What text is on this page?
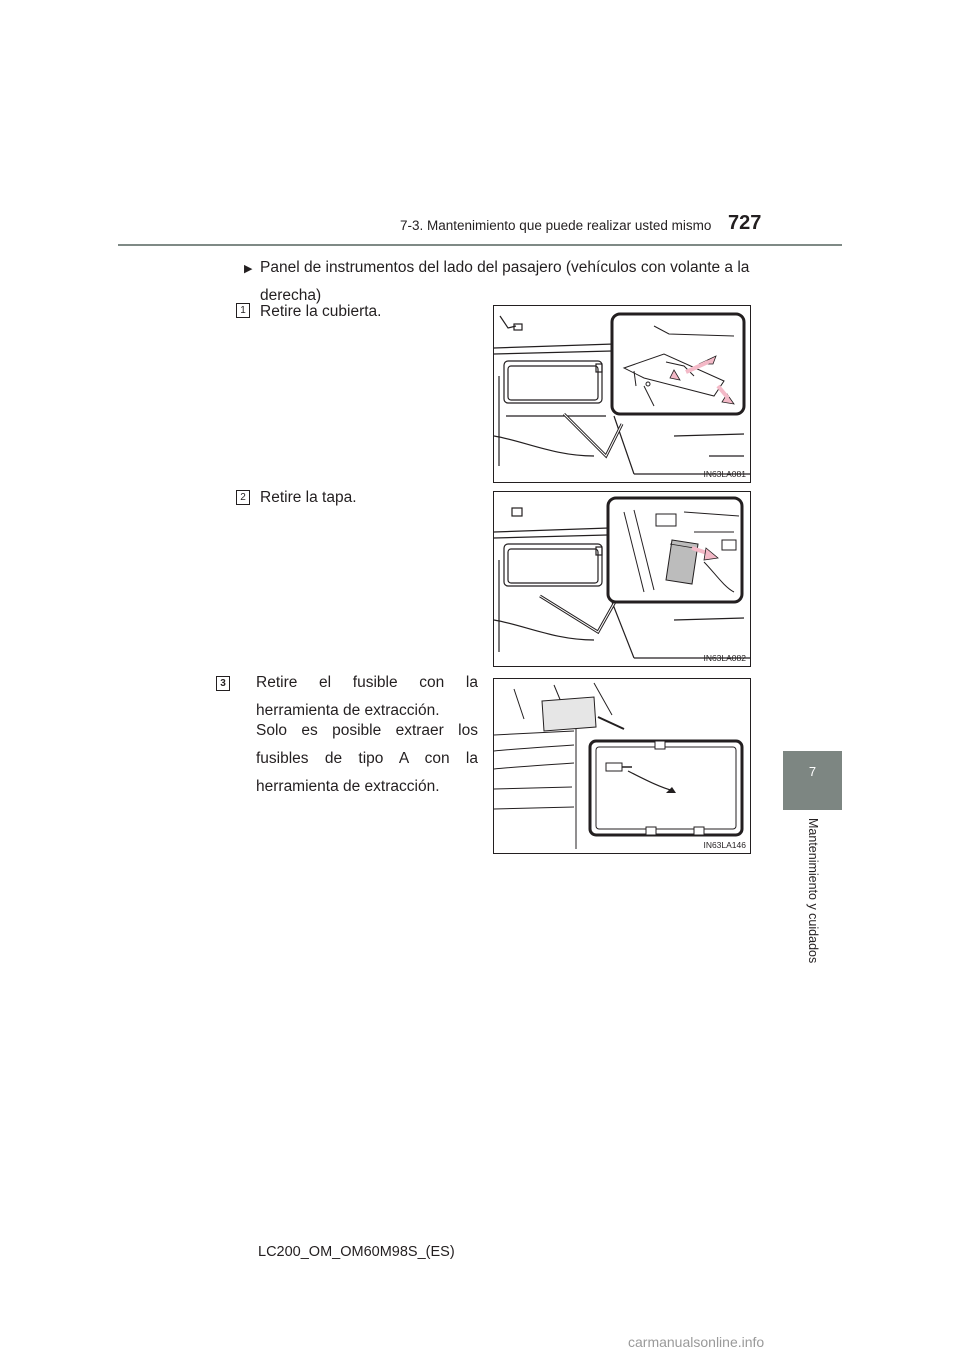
7-3. Mantenimiento que puede realizar usted mismo 727
7
Mantenimiento y cuidados
▶ Panel de instrumentos del lado del pasajero (vehículos con volante a la derecha)
1 Retire la cubierta.
IN63LA081
2 Retire la tapa.
IN63LA082
3 Retire el fusible con la herramienta de extracción.
Solo es posible extraer los fusibles de tipo A con la herramienta de extracción.
IN63LA146
LC200_OM_OM60M98S_(ES)
carmanualsonline.info
